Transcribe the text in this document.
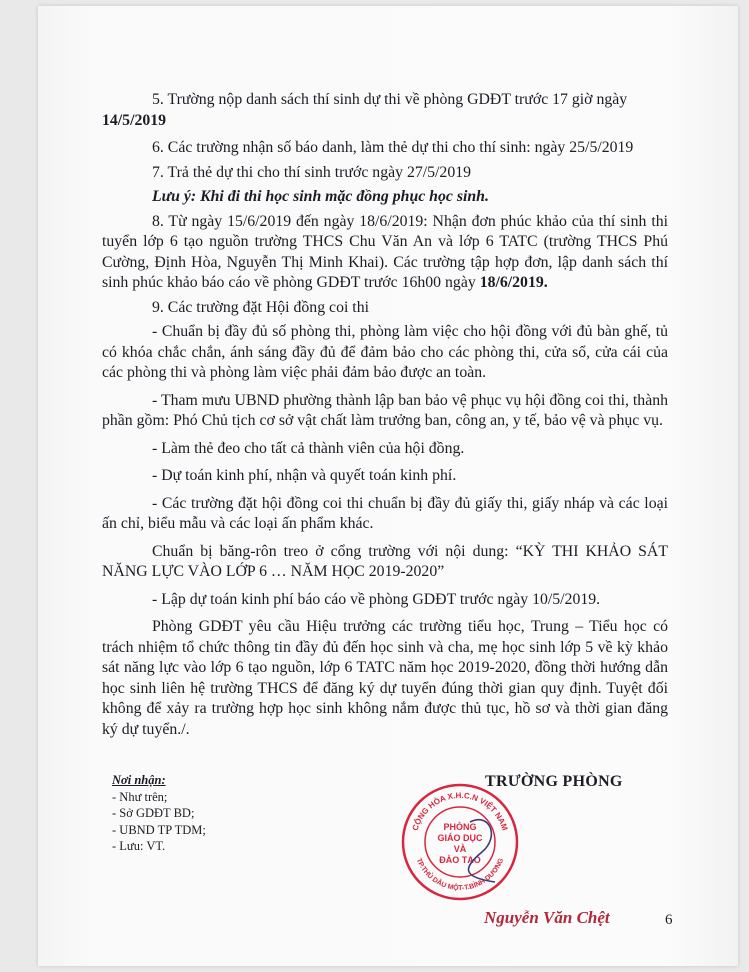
5. Trường nộp danh sách thí sinh dự thi về phòng GDĐT trước 17 giờ ngày
14/5/2019

6. Các trường nhận số báo danh, làm thẻ dự thi cho thí sinh: ngày 25/5/2019

7. Trả thẻ dự thi cho thí sinh trước ngày 27/5/2019

Lưu ý: Khi đi thi học sinh mặc đồng phục học sinh.

8. Từ ngày 15/6/2019 đến ngày 18/6/2019: Nhận đơn phúc khảo của thí sinh thi tuyển lớp 6 tạo nguồn trường THCS Chu Văn An và lớp 6 TATC (trường THCS Phú Cường, Định Hòa, Nguyễn Thị Minh Khai). Các trường tập hợp đơn, lập danh sách thí sinh phúc khảo báo cáo về phòng GDĐT trước 16h00 ngày 18/6/2019.

9. Các trường đặt Hội đồng coi thi

- Chuẩn bị đầy đủ số phòng thi, phòng làm việc cho hội đồng với đủ bàn ghế, tủ có khóa chắc chắn, ánh sáng đầy đủ để đảm bảo cho các phòng thi, cửa sổ, cửa cái của các phòng thi và phòng làm việc phải đảm bảo được an toàn.

- Tham mưu UBND phường thành lập ban bảo vệ phục vụ hội đồng coi thi, thành phần gồm: Phó Chủ tịch cơ sở vật chất làm trưởng ban, công an, y tế, bảo vệ và phục vụ.

- Làm thẻ đeo cho tất cả thành viên của hội đồng.

- Dự toán kinh phí, nhận và quyết toán kinh phí.

- Các trường đặt hội đồng coi thi chuẩn bị đầy đủ giấy thi, giấy nháp và các loại ấn chỉ, biểu mẫu và các loại ấn phẩm khác.

Chuẩn bị băng-rôn treo ở cổng trường với nội dung: “KỲ THI KHẢO SÁT NĂNG LỰC VÀO LỚP 6 … NĂM HỌC 2019-2020”

- Lập dự toán kinh phí báo cáo về phòng GDĐT trước ngày 10/5/2019.

Phòng GDĐT yêu cầu Hiệu trưởng các trường tiểu học, Trung – Tiểu học có trách nhiệm tổ chức thông tin đầy đủ đến học sinh và cha, mẹ học sinh lớp 5 về kỳ khảo sát năng lực vào lớp 6 tạo nguồn, lớp 6 TATC năm học 2019-2020, đồng thời hướng dẫn học sinh liên hệ trường THCS để đăng ký dự tuyển đúng thời gian quy định. Tuyệt đối không để xảy ra trường hợp học sinh không nắm được thủ tục, hồ sơ và thời gian đăng ký dự tuyển./.

Nơi nhận:
- Như trên;
- Sở GDĐT BD;
- UBND TP TDM;
- Lưu: VT.
TRƯỜNG PHÒNG
CỘNG HÒA X.H.C.N VIỆT NAM
TP.THỦ DẦU MỘT-T.BÌNH DƯƠNG
PHÒNG
GIÁO DỤC
VÀ
ĐÀO TẠO
Nguyễn Văn Chệt	6
